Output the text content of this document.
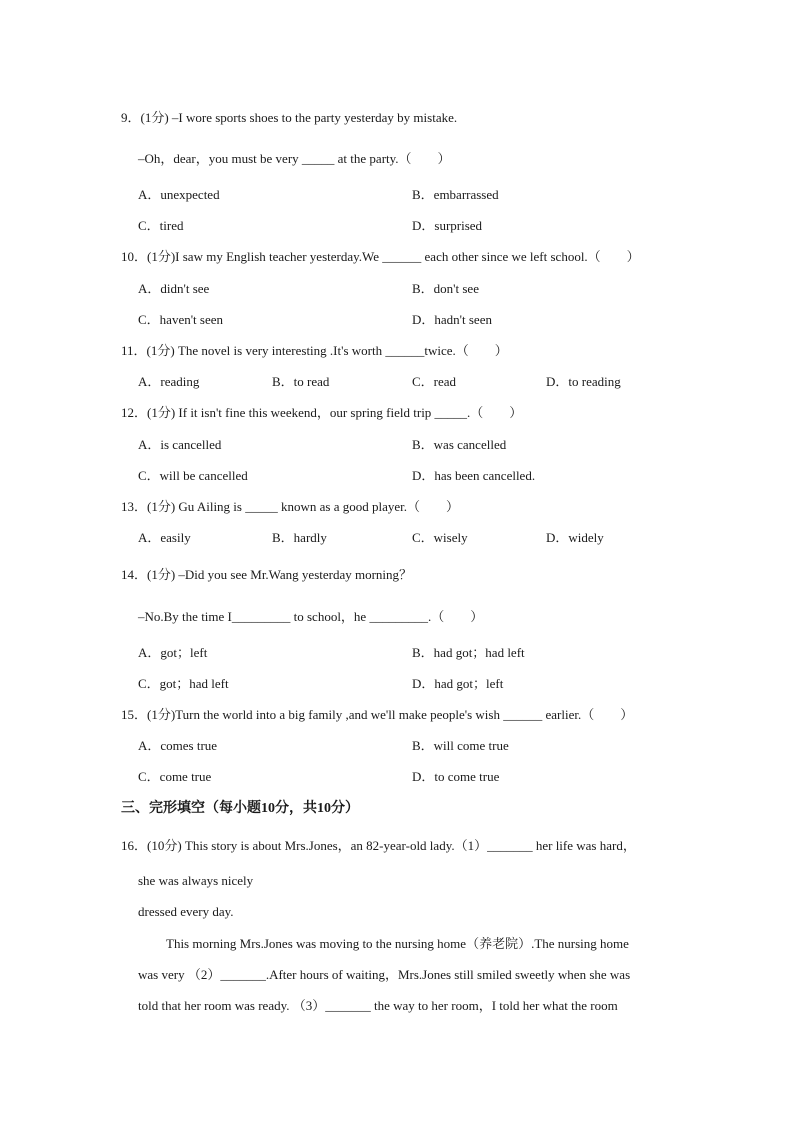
9．(1分) –I wore sports shoes to the party yesterday by mistake.
–Oh，dear，you must be very _____ at the party.（　　）
A．unexpected	B．embarrassed
C．tired	D．surprised
10．(1分)I saw my English teacher yesterday.We ______ each other since we left school.（　　）
A．didn't see	B．don't see
C．haven't seen	D．hadn't seen
11．(1分) The novel is very interesting .It's worth ______twice.（　　）
A．reading	B．to read	C．read	D．to reading
12．(1分) If it isn't fine this weekend，our spring field trip _____.（　　）
A．is cancelled	B．was cancelled
C．will be cancelled	D．has been cancelled.
13．(1分) Gu Ailing is _____ known as a good player.（　　）
A．easily	B．hardly	C．wisely	D．widely
14．(1分) –Did you see Mr.Wang yesterday morning？
–No.By the time I_________ to school，he _________.（　　）
A．got；left	B．had got；had left
C．got；had left	D．had got；left
15．(1分)Turn the world into a big family ,and we'll make people's wish ______ earlier.（　　）
A．comes true	B．will come true
C．come true	D．to come true
三、完形填空（每小题10分，共10分）
16．(10分) This story is about Mrs.Jones，an 82-year-old lady.（1）_______ her life was hard，
she was always nicely
dressed every day.
This morning Mrs.Jones was moving to the nursing home（养老院）.The nursing home
was very （2）_______.After hours of waiting，Mrs.Jones still smiled sweetly when she was
told that her room was ready. （3）_______ the way to her room，I told her what the room
